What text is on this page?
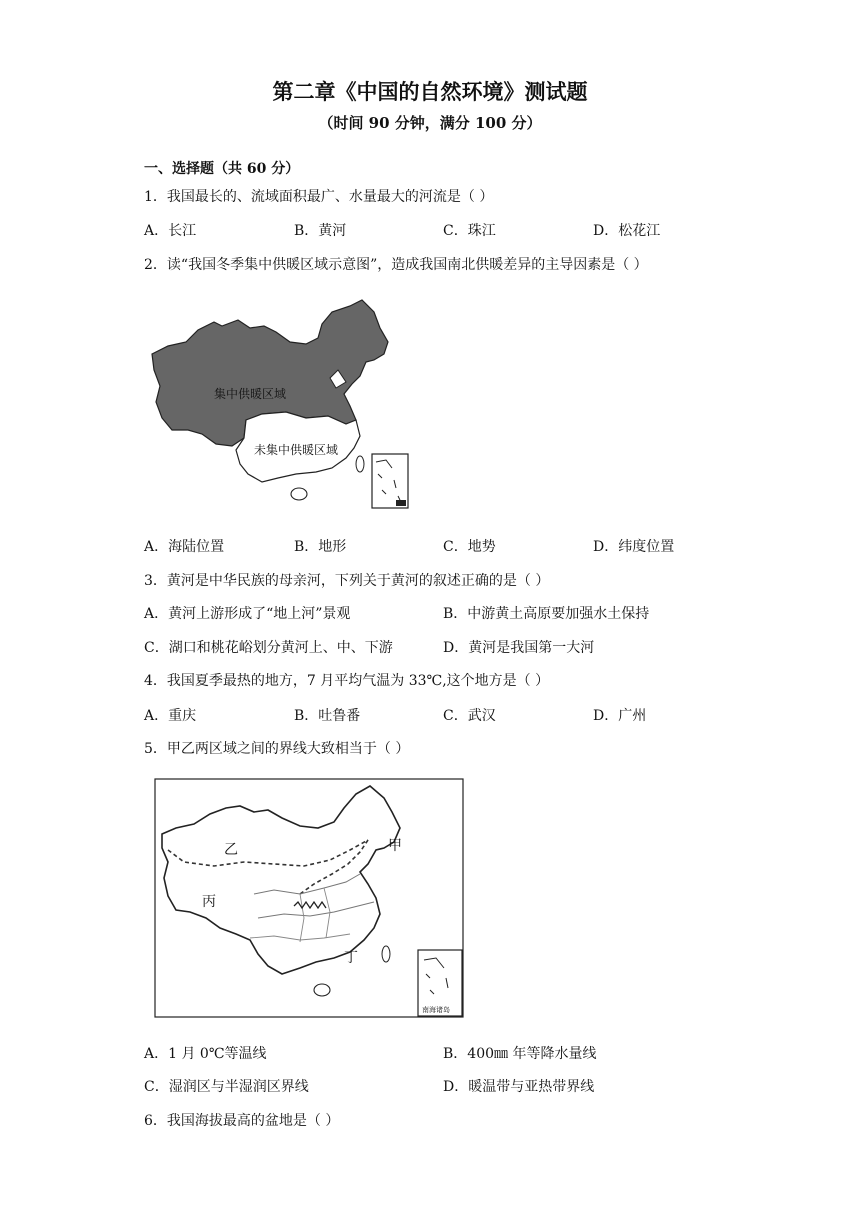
第二章《中国的自然环境》测试题
（时间 90 分钟，满分 100 分）
一、选择题（共 60 分）
1．我国最长的、流域面积最广、水量最大的河流是（ ）
A．长江	B．黄河	C．珠江	D．松花江
2．读“我国冬季集中供暖区域示意图”，造成我国南北供暖差异的主导因素是（ ）
集中供暖区域
未集中供暖区域
A．海陆位置	B．地形	C．地势	D．纬度位置
3．黄河是中华民族的母亲河，下列关于黄河的叙述正确的是（ ）
A．黄河上游形成了“地上河”景观	B．中游黄土高原要加强水土保持
C．湖口和桃花峪划分黄河上、中、下游	D．黄河是我国第一大河
4．我国夏季最热的地方，7 月平均气温为 33℃,这个地方是（ ）
A．重庆	B．吐鲁番	C．武汉	D．广州
5．甲乙两区域之间的界线大致相当于（ ）
乙	甲
丙
丁
南海诸岛
A．1 月 0℃等温线	B．400㎜ 年等降水量线
C．湿润区与半湿润区界线	D．暖温带与亚热带界线
6．我国海拔最高的盆地是（ ）
